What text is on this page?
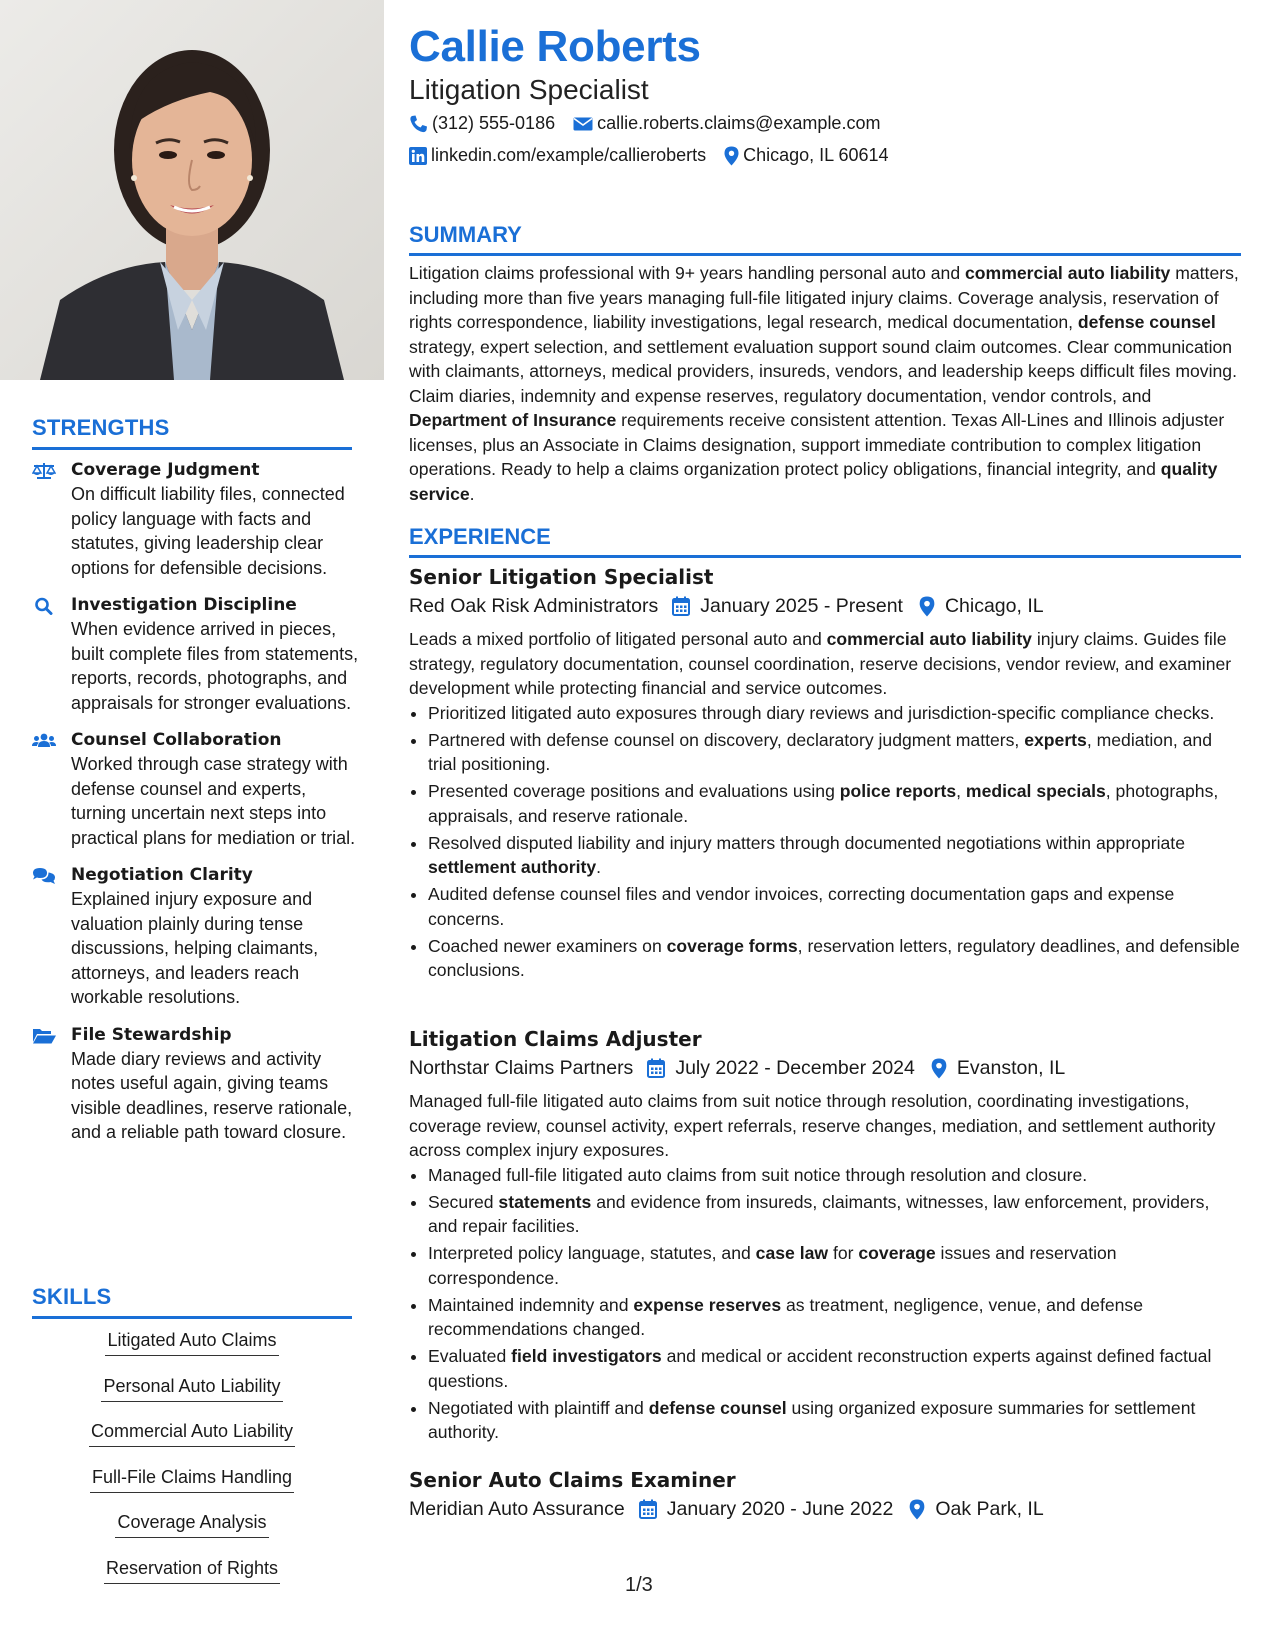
STRENGTHS
Coverage Judgment
On difficult liability files, connected policy language with facts and statutes, giving leadership clear options for defensible decisions.
Investigation Discipline
When evidence arrived in pieces, built complete files from statements, reports, records, photographs, and appraisals for stronger evaluations.
Counsel Collaboration
Worked through case strategy with defense counsel and experts, turning uncertain next steps into practical plans for mediation or trial.
Negotiation Clarity
Explained injury exposure and valuation plainly during tense discussions, helping claimants, attorneys, and leaders reach workable resolutions.
File Stewardship
Made diary reviews and activity notes useful again, giving teams visible deadlines, reserve rationale, and a reliable path toward closure.
SKILLS
Litigated Auto Claims
Personal Auto Liability
Commercial Auto Liability
Full-File Claims Handling
Coverage Analysis
Reservation of Rights
Callie Roberts
Litigation Specialist
(312) 555-0186 callie.roberts.claims@example.com
linkedin.com/example/callieroberts Chicago, IL 60614
SUMMARY
Litigation claims professional with 9+ years handling personal auto and commercial auto liability matters, including more than five years managing full-file litigated injury claims. Coverage analysis, reservation of rights correspondence, liability investigations, legal research, medical documentation, defense counsel strategy, expert selection, and settlement evaluation support sound claim outcomes. Clear communication with claimants, attorneys, medical providers, insureds, vendors, and leadership keeps difficult files moving. Claim diaries, indemnity and expense reserves, regulatory documentation, vendor controls, and Department of Insurance requirements receive consistent attention. Texas All-Lines and Illinois adjuster licenses, plus an Associate in Claims designation, support immediate contribution to complex litigation operations. Ready to help a claims organization protect policy obligations, financial integrity, and quality service.
EXPERIENCE
Senior Litigation Specialist
Red Oak Risk Administrators January 2025 - Present Chicago, IL
Leads a mixed portfolio of litigated personal auto and commercial auto liability injury claims. Guides file strategy, regulatory documentation, counsel coordination, reserve decisions, vendor review, and examiner development while protecting financial and service outcomes.
• Prioritized litigated auto exposures through diary reviews and jurisdiction-specific compliance checks.
• Partnered with defense counsel on discovery, declaratory judgment matters, experts, mediation, and trial positioning.
• Presented coverage positions and evaluations using police reports, medical specials, photographs, appraisals, and reserve rationale.
• Resolved disputed liability and injury matters through documented negotiations within appropriate settlement authority.
• Audited defense counsel files and vendor invoices, correcting documentation gaps and expense concerns.
• Coached newer examiners on coverage forms, reservation letters, regulatory deadlines, and defensible conclusions.
Litigation Claims Adjuster
Northstar Claims Partners July 2022 - December 2024 Evanston, IL
Managed full-file litigated auto claims from suit notice through resolution, coordinating investigations, coverage review, counsel activity, expert referrals, reserve changes, mediation, and settlement authority across complex injury exposures.
• Managed full-file litigated auto claims from suit notice through resolution and closure.
• Secured statements and evidence from insureds, claimants, witnesses, law enforcement, providers, and repair facilities.
• Interpreted policy language, statutes, and case law for coverage issues and reservation correspondence.
• Maintained indemnity and expense reserves as treatment, negligence, venue, and defense recommendations changed.
• Evaluated field investigators and medical or accident reconstruction experts against defined factual questions.
• Negotiated with plaintiff and defense counsel using organized exposure summaries for settlement authority.
Senior Auto Claims Examiner
Meridian Auto Assurance January 2020 - June 2022 Oak Park, IL
1/3
